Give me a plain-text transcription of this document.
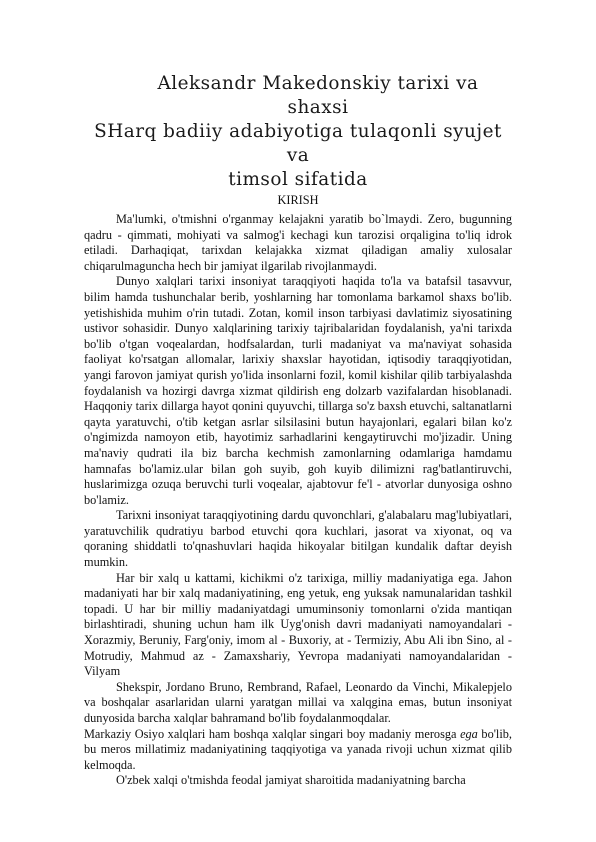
Aleksandr Makedonskiy tarixi va shaxsi
SHarq badiiy adabiyotiga tulaqonli syujet va
timsol sifatida
KIRISH

Ma'lumki, o'tmishni o'rganmay kelajakni yaratib bo`lmaydi. Zero, bugunning qadru - qimmati, mohiyati va salmog'i kechagi kun tarozisi orqaligina to'liq idrok etiladi. Darhaqiqat, tarixdan kelajakka xizmat qiladigan amaliy xulosalar chiqarulmaguncha hech bir jamiyat ilgarilab rivojlanmaydi.

Dunyo xalqlari tarixi insoniyat taraqqiyoti haqida to'la va batafsil tasavvur, bilim hamda tushunchalar berib, yoshlarning har tomonlama barkamol shaxs bo'lib. yetishishida muhim o'rin tutadi. Zotan, komil inson tarbiyasi davlatimiz siyosatining ustivor sohasidir. Dunyo xalqlarining tarixiy tajribalaridan foydalanish, ya'ni tarixda bo'lib o'tgan voqealardan, hodfsalardan, turli madaniyat va ma'naviyat sohasida faoliyat ko'rsatgan allomalar, larixiy shaxslar hayotidan, iqtisodiy taraqqiyotidan, yangi farovon jamiyat qurish yo'lida insonlarni fozil, komil kishilar qilib tarbiyalashda foydalanish va hozirgi davrga xizmat qildirish eng dolzarb vazifalardan hisoblanadi. Haqqoniy tarix dillarga hayot qonini quyuvchi, tillarga so'z baxsh etuvchi, saltanatlarni qayta yaratuvchi, o'tib ketgan asrlar silsilasini butun hayajonlari, egalari bilan ko'z o'ngimizda namoyon etib, hayotimiz sarhadlarini kengaytiruvchi mo'jizadir. Uning ma'naviy qudrati ila biz barcha kechmish zamonlarning odamlariga hamdamu hamnafas bo'lamiz.ular bilan goh suyib, goh kuyib dilimizni rag'batlantiruvchi, huslarimizga ozuqa beruvchi turli voqealar, ajabtovur fe'l - atvorlar dunyosiga oshno bo'lamiz.

Tarixni insoniyat taraqqiyotining dardu quvonchlari, g'alabalaru mag'lubiyatlari, yaratuvchilik qudratiyu barbod etuvchi qora kuchlari, jasorat va xiyonat, oq va qoraning shiddatli to'qnashuvlari haqida hikoyalar bitilgan kundalik daftar deyish mumkin.

Har bir xalq u kattami, kichikmi o'z tarixiga, milliy madaniyatiga ega. Jahon madaniyati har bir xalq madaniyatining, eng yetuk, eng yuksak namunalaridan tashkil topadi. U har bir milliy madaniyatdagi umuminsoniy tomonlarni o'zida mantiqan birlashtiradi, shuning uchun ham ilk Uyg'onish davri madaniyati namoyandalari -Xorazmiy, Beruniy, Farg'oniy, imom al - Buxoriy, at - Termiziy, Abu Ali ibn Sino, al -Motrudiy, Mahmud az - Zamaxshariy, Yevropa madaniyati namoyandalaridan - Vilyam

Shekspir, Jordano Bruno, Rembrand, Rafael, Leonardo da Vinchi, Mikalepjelo va boshqalar asarlaridan ularni yaratgan millai va xalqgina emas, butun insoniyat dunyosida barcha xalqlar bahramand bo'lib foydalanmoqdalar.

Markaziy Osiyo xalqlari ham boshqa xalqlar singari boy madaniy merosga ega bo'lib, bu meros millatimiz madaniyatining taqqiyotiga va yanada rivoji uchun xizmat qilib kelmoqda.

O'zbek xalqi o'tmishda feodal jamiyat sharoitida madaniyatning barcha
